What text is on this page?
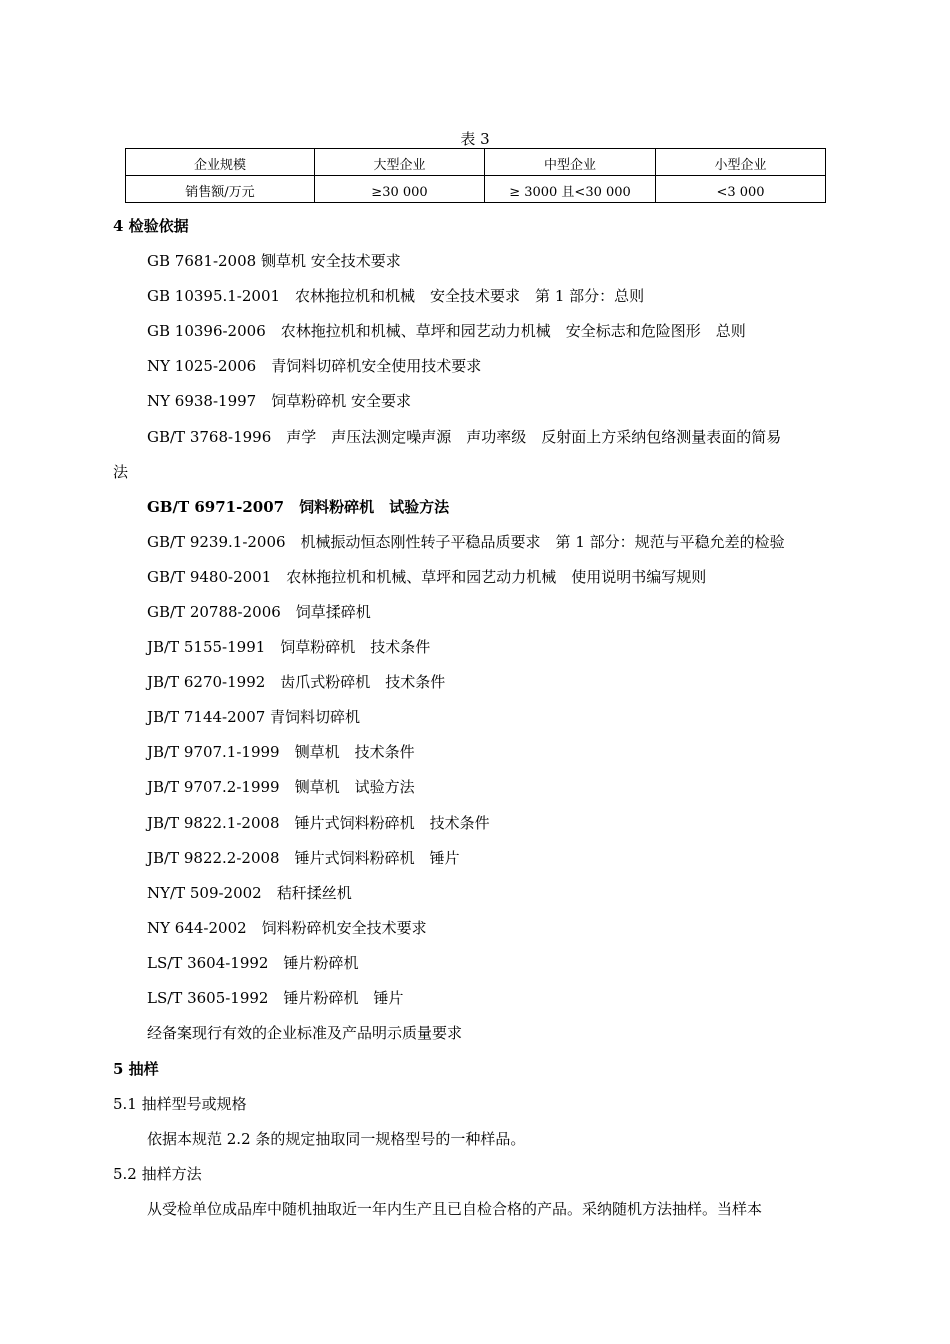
表 3
企业规模	大型企业	中型企业	小型企业
销售额/万元	≥30 000	≥ 3000 且<30 000	<3 000
4 检验依据
GB 7681-2008 铡草机 安全技术要求
GB 10395.1-2001　农林拖拉机和机械　安全技术要求　第 1 部分：总则
GB 10396-2006　农林拖拉机和机械、草坪和园艺动力机械　安全标志和危险图形　总则
NY 1025-2006　青饲料切碎机安全使用技术要求
NY 6938-1997　饲草粉碎机 安全要求
GB/T 3768-1996　声学　声压法测定噪声源　声功率级　反射面上方采纳包络测量表面的简易
法
GB/T 6971-2007　饲料粉碎机　试验方法
GB/T 9239.1-2006　机械振动恒态刚性转子平稳品质要求　第 1 部分：规范与平稳允差的检验
GB/T 9480-2001　农林拖拉机和机械、草坪和园艺动力机械　使用说明书编写规则
GB/T 20788-2006　饲草揉碎机
JB/T 5155-1991　饲草粉碎机　技术条件
JB/T 6270-1992　齿爪式粉碎机　技术条件
JB/T 7144-2007 青饲料切碎机
JB/T 9707.1-1999　铡草机　技术条件
JB/T 9707.2-1999　铡草机　试验方法
JB/T 9822.1-2008　锤片式饲料粉碎机　技术条件
JB/T 9822.2-2008　锤片式饲料粉碎机　锤片
NY/T 509-2002　秸秆揉丝机
NY 644-2002　饲料粉碎机安全技术要求
LS/T 3604-1992　锤片粉碎机
LS/T 3605-1992　锤片粉碎机　锤片
经备案现行有效的企业标准及产品明示质量要求
5 抽样
5.1 抽样型号或规格
依据本规范 2.2 条的规定抽取同一规格型号的一种样品。
5.2 抽样方法
从受检单位成品库中随机抽取近一年内生产且已自检合格的产品。采纳随机方法抽样。当样本
